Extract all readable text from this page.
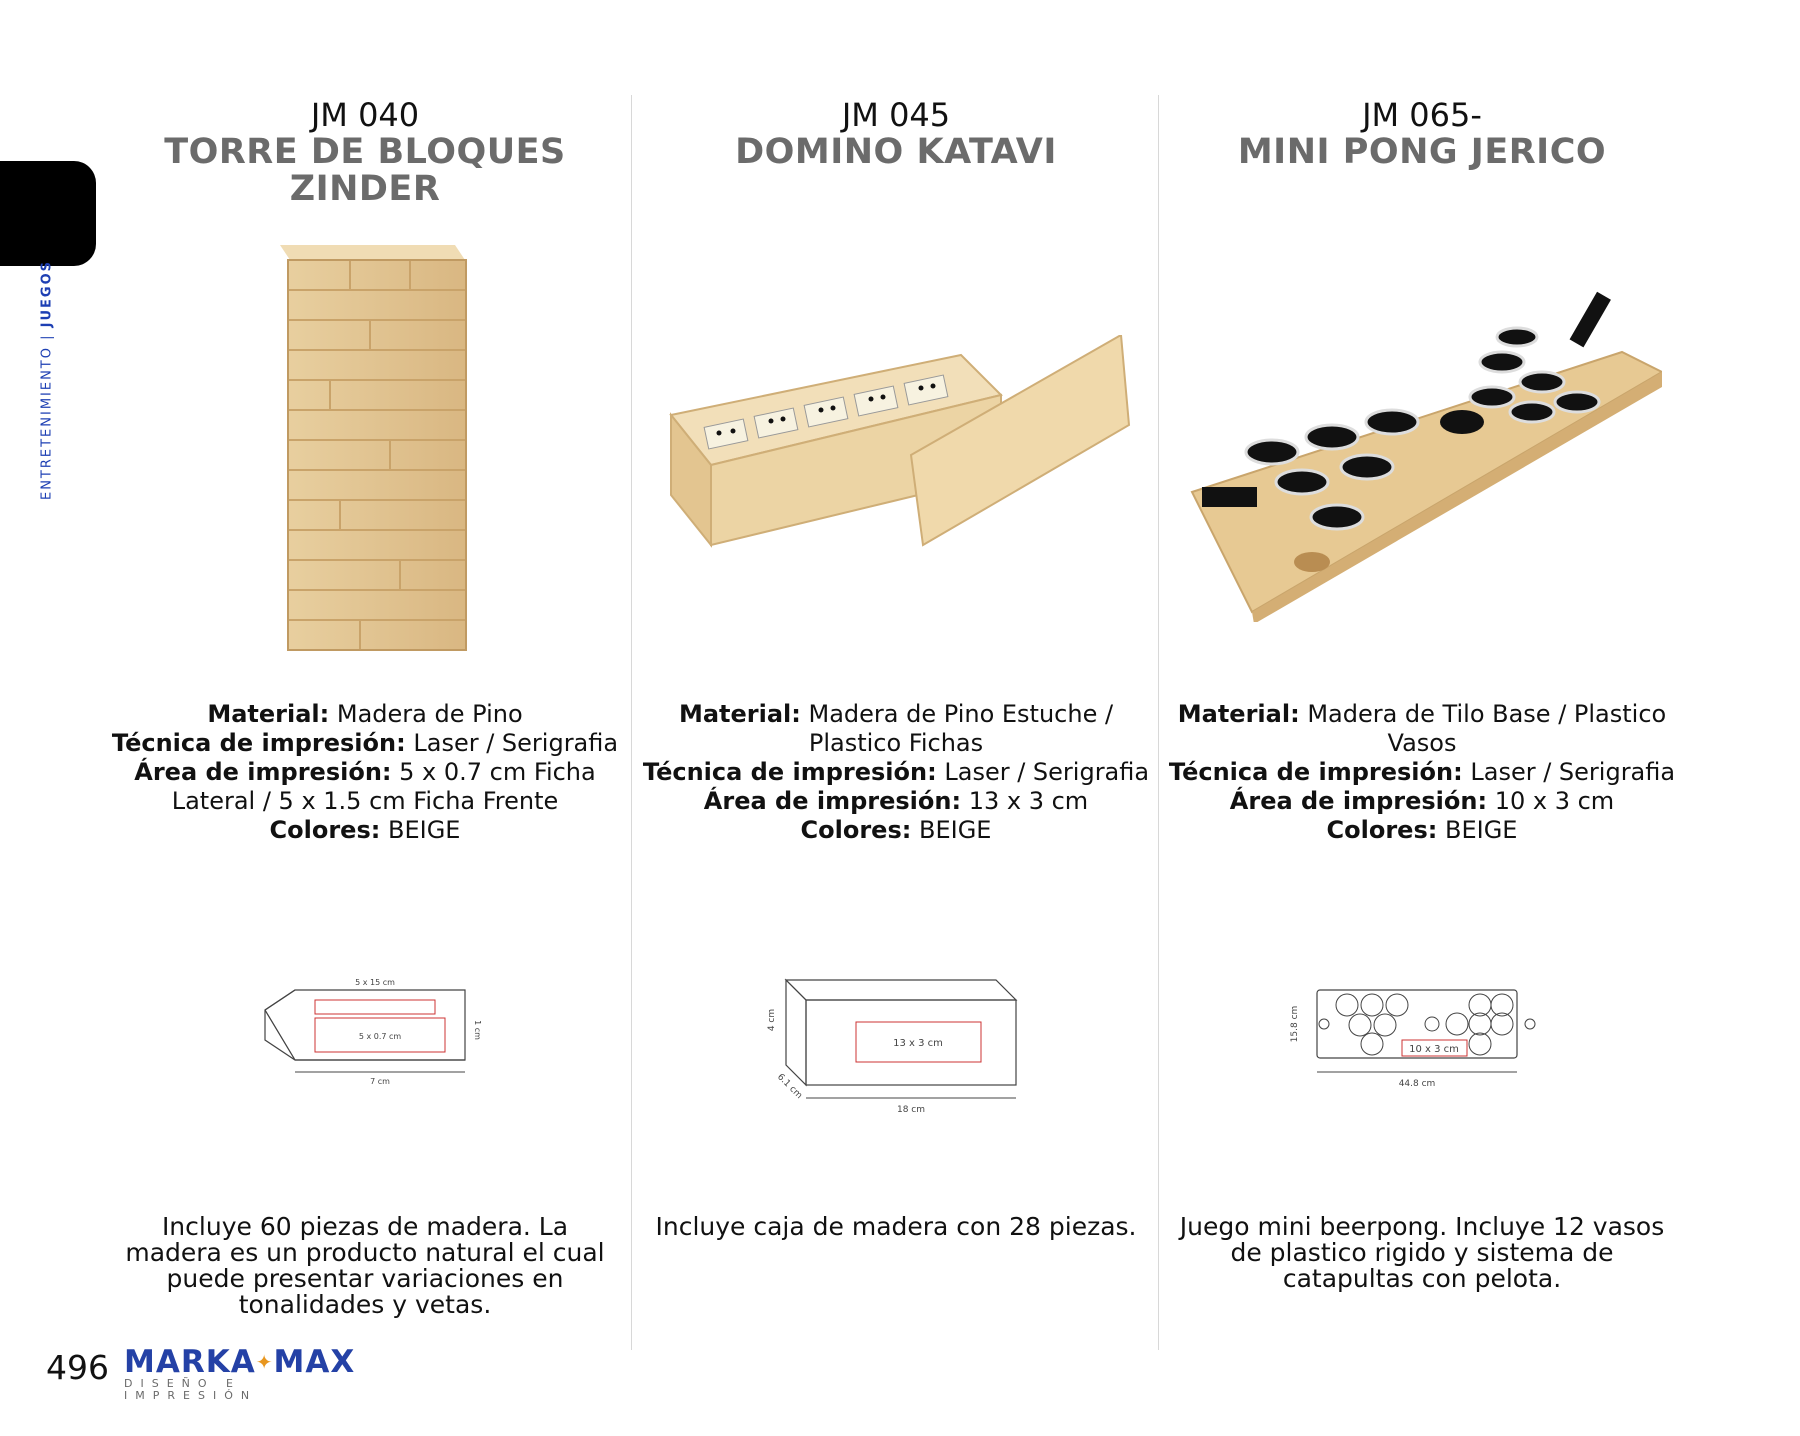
ENTRETENIMIENTO | JUEGOS
JM 040
TORRE DE BLOQUES
ZINDER
Material: Madera de Pino
Técnica de impresión: Laser / Serigrafia
Área de impresión: 5 x 0.7 cm Ficha Lateral / 5 x 1.5 cm Ficha Frente
Colores: BEIGE
5 x 15 cm
5 x 0.7 cm	1 cm
7 cm
Incluye 60 piezas de madera. La madera es un producto natural el cual puede presentar variaciones en tonalidades y vetas.
JM 045
DOMINO KATAVI
Material: Madera de Pino Estuche / Plastico Fichas
Técnica de impresión: Laser / Serigrafia
Área de impresión: 13 x 3 cm
Colores: BEIGE
13 x 3 cm
4 cm
6.1 cm
18 cm
Incluye caja de madera con 28 piezas.
JM 065-
MINI PONG JERICO
Material: Madera de Tilo Base / Plastico Vasos
Técnica de impresión: Laser / Serigrafia
Área de impresión: 10 x 3 cm
Colores: BEIGE
10 x 3 cm
15.8 cm
44.8 cm
Juego mini beerpong. Incluye 12 vasos de plastico rigido y sistema de catapultas con pelota.
496 MARKA✦MAX
DISEÑO E IMPRESIÓN
